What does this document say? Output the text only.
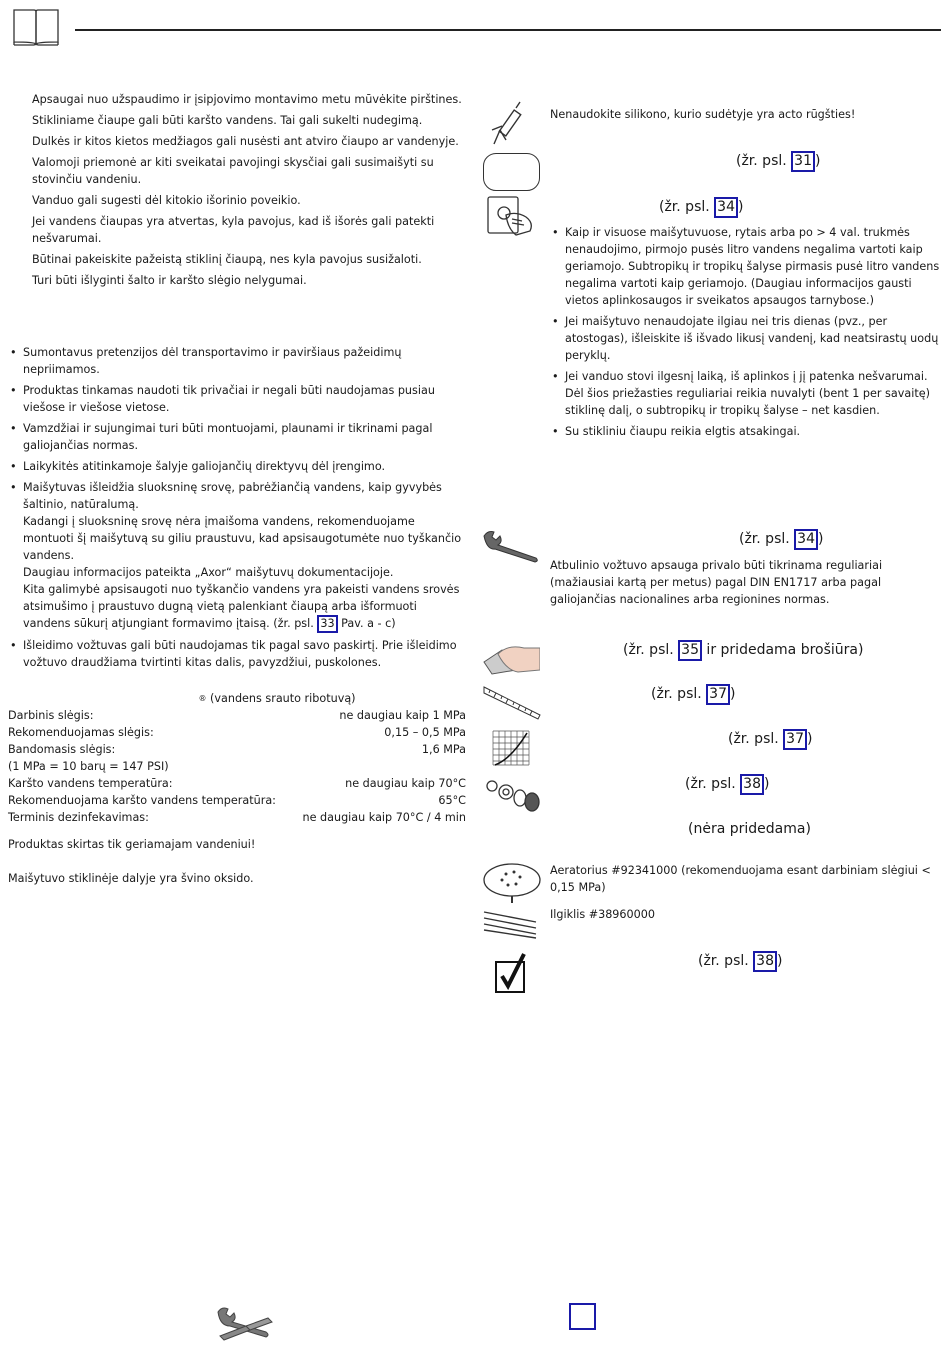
Apsaugai nuo užspaudimo ir įsipjovimo montavimo metu mūvėkite pirštines.

Stikliniame čiaupe gali būti karšto vandens. Tai gali sukelti nudegimą.

Dulkės ir kitos kietos medžiagos gali nusėsti ant atviro čiaupo ar vandenyje.

Valomoji priemonė ar kiti sveikatai pavojingi skysčiai gali susimaišyti su stovinčiu vandeniu.

Vanduo gali sugesti dėl kitokio išorinio poveikio.

Jei vandens čiaupas yra atvertas, kyla pavojus, kad iš išorės gali patekti nešvarumai.

Būtinai pakeiskite pažeistą stiklinį čiaupą, nes kyla pavojus susižaloti.

Turi būti išlyginti šalto ir karšto slėgio nelygumai.

• Sumontavus pretenzijos dėl transportavimo ir paviršiaus pažeidimų nepriimamos.
• Produktas tinkamas naudoti tik privačiai ir negali būti naudojamas pusiau viešose ir viešose vietose.
• Vamzdžiai ir sujungimai turi būti montuojami, plaunami ir tikrinami pagal galiojančias normas.
• Laikykitės atitinkamoje šalyje galiojančių direktyvų dėl įrengimo.
• Maišytuvas išleidžia sluoksninę srovę, pabrėžiančią vandens, kaip gyvybės šaltinio, natūralumą.
Kadangi į sluoksninę srovę nėra įmaišoma vandens, rekomenduojame montuoti šį maišytuvą su giliu praustuvu, kad apsisaugotumėte nuo tyškančio vandens.
Daugiau informacijos pateikta „Axor“ maišytuvų dokumentacijoje.
Kita galimybė apsisaugoti nuo tyškančio vandens yra pakeisti vandens srovės atsimušimo į praustuvo dugną vietą palenkiant čiaupą arba išformuoti vandens sūkurį atjungiant formavimo įtaisą. (žr. psl. 33 Pav. a - c)
• Išleidimo vožtuvas gali būti naudojamas tik pagal savo paskirtį. Prie išleidimo vožtuvo draudžiama tvirtinti kitas dalis, pavyzdžiui, puskolones.
® (vandens srauto ribotuvą)
Darbinis slėgis:	ne daugiau kaip 1 MPa
Rekomenduojamas slėgis:	0,15 – 0,5 MPa
Bandomasis slėgis:	1,6 MPa
(1 MPa = 10 barų = 147 PSI)
Karšto vandens temperatūra:	ne daugiau kaip 70°C
Rekomenduojama karšto vandens temperatūra:	65°C
Terminis dezinfekavimas:	ne daugiau kaip 70°C / 4 min
Produktas skirtas tik geriamajam vandeniui!
Maišytuvo stiklinėje dalyje yra švino oksido.
Nenaudokite silikono, kurio sudėtyje yra acto rūgšties!
(žr. psl. 31 )
(žr. psl. 34 )
• Kaip ir visuose maišytuvuose, rytais arba po > 4 val. trukmės nenaudojimo, pirmojo pusės litro vandens negalima vartoti kaip geriamojo. Subtropikų ir tropikų šalyse pirmasis pusė litro vandens negalima vartoti kaip geriamojo. (Daugiau informacijos gausti vietos aplinkosaugos ir sveikatos apsaugos tarnybose.)
• Jei maišytuvo nenaudojate ilgiau nei tris dienas (pvz., per atostogas), išleiskite iš išvado likusį vandenį, kad neatsirastų uodų peryklų.
• Jei vanduo stovi ilgesnį laiką, iš aplinkos į jį patenka nešvarumai. Dėl šios priežasties reguliariai reikia nuvalyti (bent 1 per savaitę) stiklinę dalį, o subtropikų ir tropikų šalyse – net kasdien.
• Su stikliniu čiaupu reikia elgtis atsakingai.
(žr. psl. 34 )
Atbulinio vožtuvo apsauga privalo būti tikrinama reguliariai (mažiausiai kartą per metus) pagal DIN EN1717 arba pagal galiojančias nacionalines arba regionines normas.
(žr. psl. 35 ir pridedama brošiūra)
(žr. psl. 37 )
(žr. psl. 37 )
(žr. psl. 38 )
(nėra pridedama)
Aeratorius #92341000 (rekomenduojama esant darbiniam slėgiui < 0,15 MPa)
Ilgiklis #38960000
(žr. psl. 38 )
